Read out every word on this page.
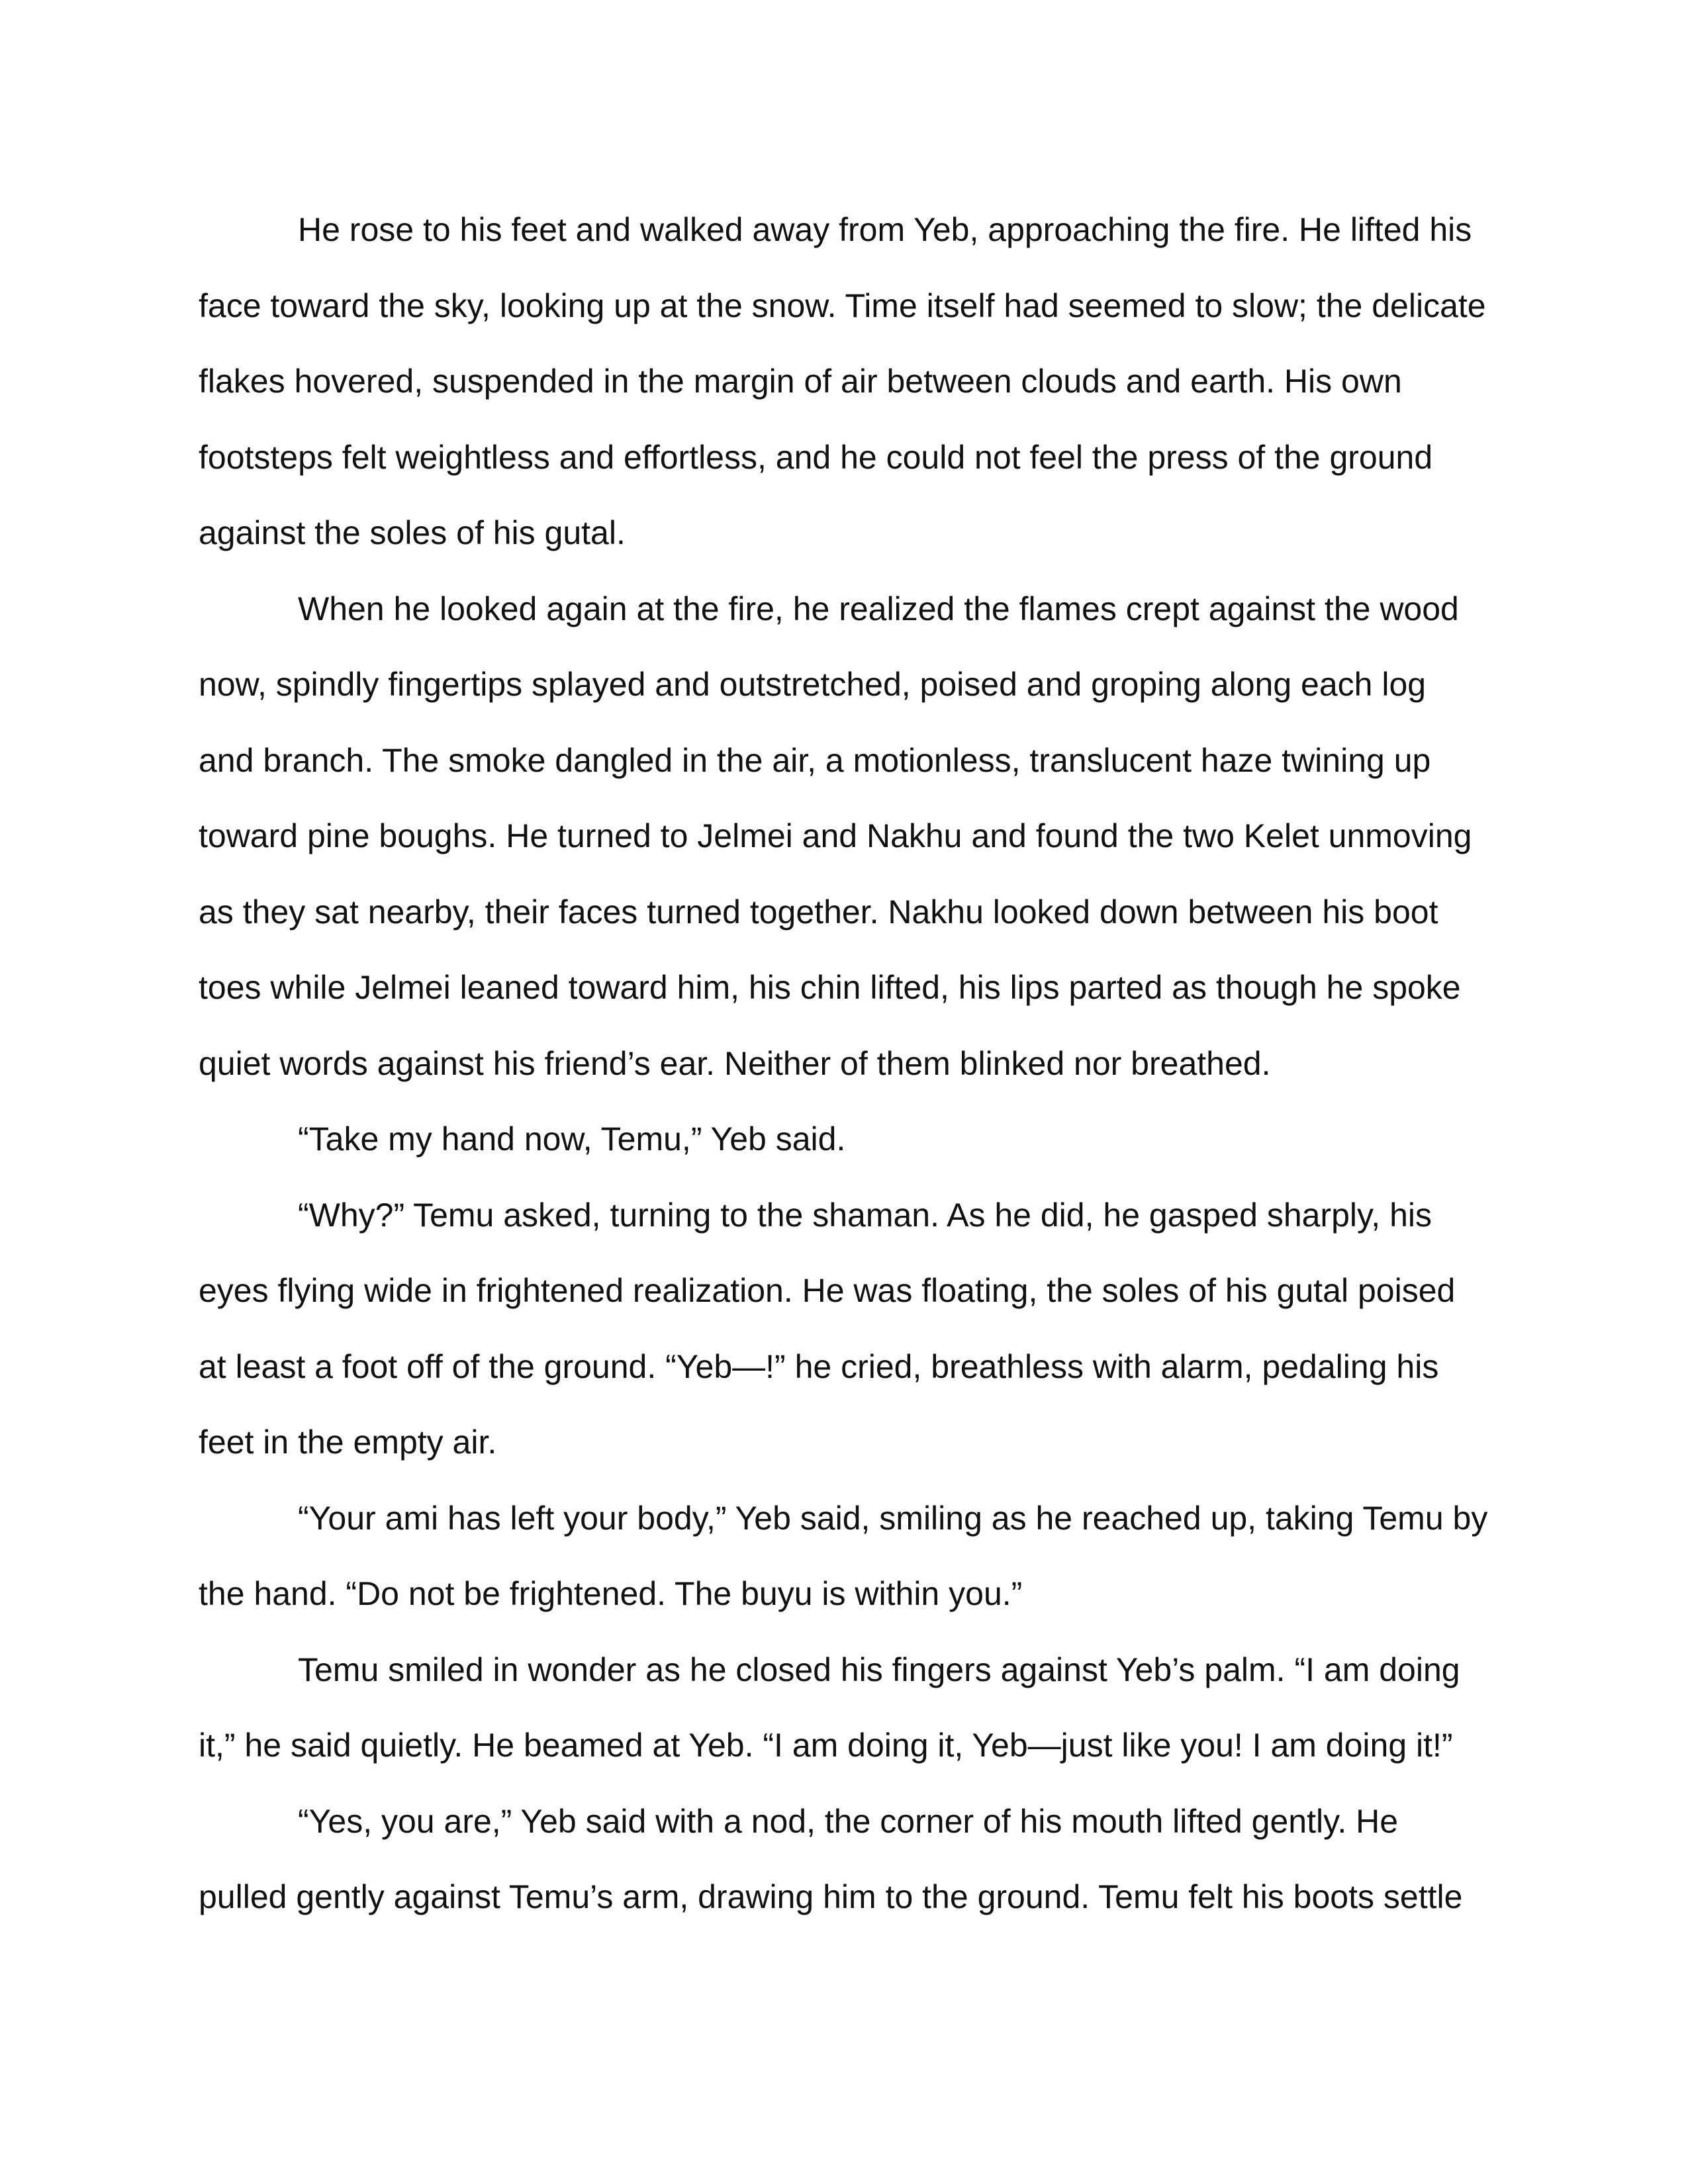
He rose to his feet and walked away from Yeb, approaching the fire. He lifted his face toward the sky, looking up at the snow. Time itself had seemed to slow; the delicate flakes hovered, suspended in the margin of air between clouds and earth. His own footsteps felt weightless and effortless, and he could not feel the press of the ground against the soles of his gutal.

When he looked again at the fire, he realized the flames crept against the wood now, spindly fingertips splayed and outstretched, poised and groping along each log and branch. The smoke dangled in the air, a motionless, translucent haze twining up toward pine boughs. He turned to Jelmei and Nakhu and found the two Kelet unmoving as they sat nearby, their faces turned together. Nakhu looked down between his boot toes while Jelmei leaned toward him, his chin lifted, his lips parted as though he spoke quiet words against his friend’s ear. Neither of them blinked nor breathed.

“Take my hand now, Temu,” Yeb said.

“Why?” Temu asked, turning to the shaman. As he did, he gasped sharply, his eyes flying wide in frightened realization. He was floating, the soles of his gutal poised at least a foot off of the ground. “Yeb—!” he cried, breathless with alarm, pedaling his feet in the empty air.

“Your ami has left your body,” Yeb said, smiling as he reached up, taking Temu by the hand. “Do not be frightened. The buyu is within you.”

Temu smiled in wonder as he closed his fingers against Yeb’s palm. “I am doing it,” he said quietly. He beamed at Yeb. “I am doing it, Yeb—just like you! I am doing it!”

“Yes, you are,” Yeb said with a nod, the corner of his mouth lifted gently. He pulled gently against Temu’s arm, drawing him to the ground. Temu felt his boots settle
